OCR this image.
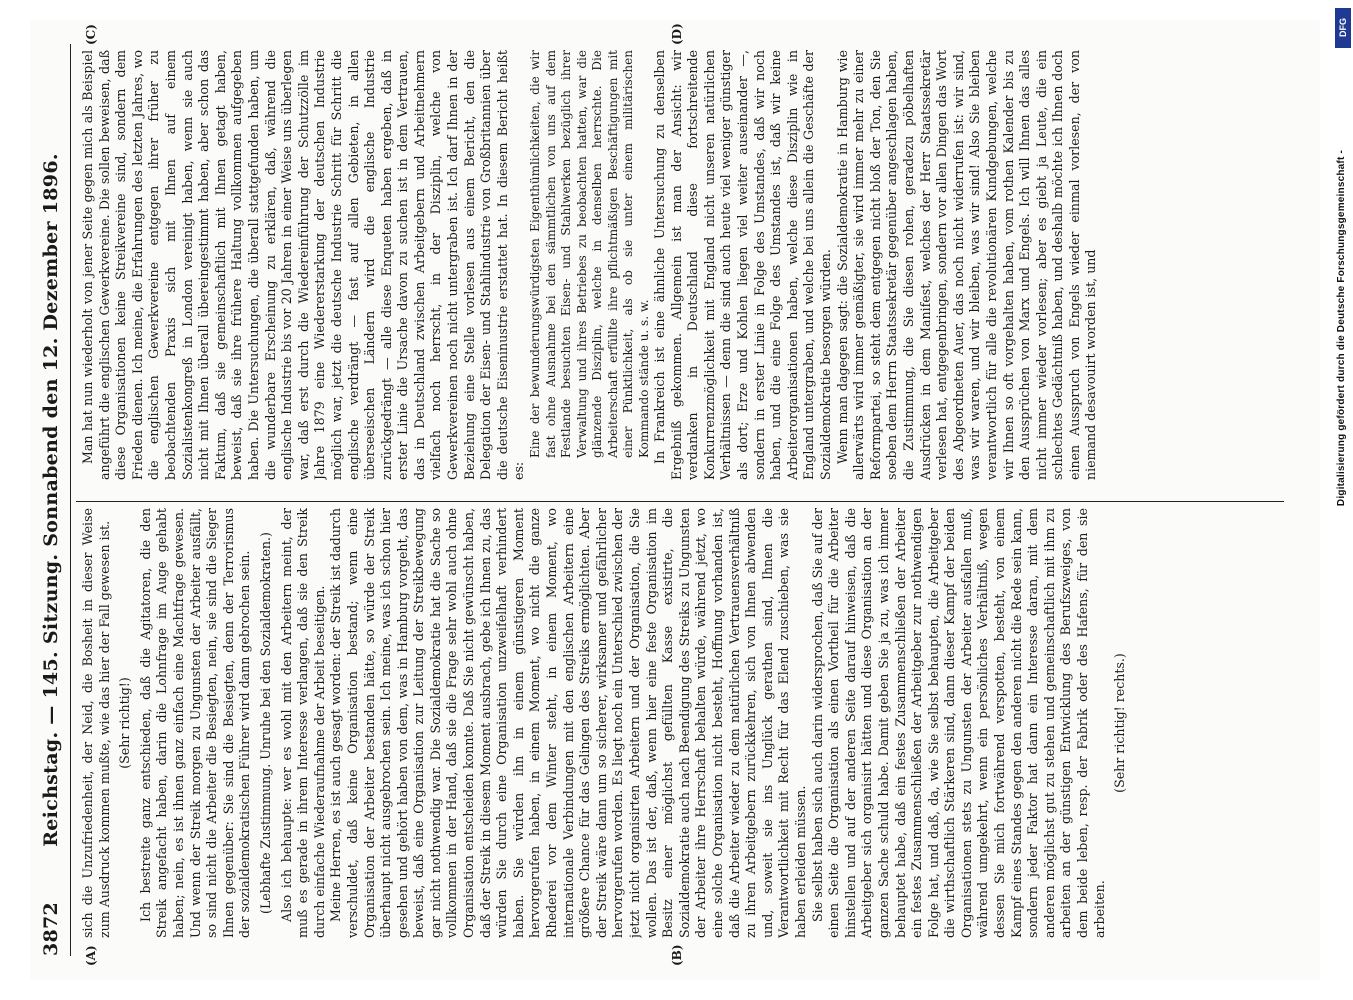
3872
Reichstag. — 145. Sitzung. Sonnabend den 12. Dezember 1896.
(A)	(B)
(C)	(D)

sich die Unzufriedenheit, der Neid, die Bosheit in dieser Weise zum Ausdruck kommen mußte, wie das hier der Fall gewesen ist. (Sehr richtig!) Ich bestreite ganz entschieden, daß die Agitatoren, die den Streik angefacht haben, darin die Lohnfrage im Auge gehabt haben; nein, es ist ihnen ganz einfach eine Machtfrage gewesen. Und wenn der Streik morgen zu Ungunsten der Arbeiter ausfällt, so sind nicht die Arbeiter die Besiegten, nein, sie sind die Sieger Ihnen gegenüber: Sie sind die Besiegten, denn der Terrorismus der sozialdemokratischen Führer wird dann gebrochen sein. (Lebhafte Zustimmung. Unruhe bei den Sozialdemokraten.) Also ich behaupte: wer es wohl mit den Arbeitern meint, der muß es gerade in ihrem Interesse verlangen, daß sie den Streik durch einfache Wiederaufnahme der Arbeit beseitigen. Meine Herren, es ist auch gesagt worden: der Streik ist dadurch verschuldet, daß keine Organisation bestand; wenn eine Organisation der Arbeiter bestanden hätte, so würde der Streik überhaupt nicht ausgebrochen sein. Ich meine, was ich schon hier gesehen und gehört haben von dem, was in Hamburg vorgeht, das beweist, daß eine Organisation zur Leitung der Streikbewegung gar nicht nothwendig war. Die Sozialdemokratie hat die Sache so vollkommen in der Hand, daß sie die Frage sehr wohl auch ohne Organisation entscheiden konnte. Daß Sie nicht gewünscht haben, daß der Streik in diesem Moment ausbrach, gebe ich Ihnen zu, das würden Sie durch eine Organisation unzweifelhaft verhindert haben. Sie würden ihn in einem günstigeren Moment hervorgerufen haben, in einem Moment, wo nicht die ganze Rhederei vor dem Winter steht, in einem Moment, wo internationale Verbindungen mit den englischen Arbeitern eine größere Chance für das Gelingen des Streiks ermöglichten. Aber der Streik wäre dann um so sicherer, wirksamer und gefährlicher hervorgerufen worden. Es liegt noch ein Unterschied zwischen der jetzt nicht organisirten Arbeitern und der Organisation, die Sie wollen. Das ist der, daß, wenn hier eine feste Organisation im Besitz einer möglichst gefüllten Kasse existirte, die Sozialdemokratie auch nach Beendigung des Streiks zu Ungunsten der Arbeiter ihre Herrschaft behalten würde, während jetzt, wo eine solche Organisation nicht besteht, Hoffnung vorhanden ist, daß die Arbeiter wieder zu dem natürlichen Vertrauensverhältniß zu ihren Arbeitgebern zurückkehren, sich von Ihnen abwenden und, soweit sie ins Unglück gerathen sind, Ihnen die Verantwortlichkeit mit Recht für das Elend zuschieben, was sie haben erleiden müssen. Sie selbst haben sich auch darin widersprochen, daß Sie auf der einen Seite die Organisation als einen Vortheil für die Arbeiter hinstellen und auf der anderen Seite darauf hinweisen, daß die Arbeitgeber sich organisirt hätten und diese Organisation an der ganzen Sache schuld habe. Damit geben Sie ja zu, was ich immer behauptet habe, daß ein festes Zusammenschließen der Arbeiter ein festes Zusammenschließen der Arbeitgeber zur nothwendigen Folge hat, und daß, da, wie Sie selbst behaupten, die Arbeitgeber die wirthschaftlich Stärkeren sind, dann dieser Kampf der beiden Organisationen stets zu Ungunsten der Arbeiter ausfallen muß, während umgekehrt, wenn ein persönliches Verhältniß, wegen dessen Sie mich fortwährend verspotten, besteht, von einem Kampf eines Standes gegen den anderen nicht die Rede sein kann, sondern jeder Faktor hat dann ein Interesse daran, mit dem anderen möglichst gut zu stehen und gemeinschaftlich mit ihm zu arbeiten an der günstigen Entwicklung des Berufszweiges, von dem beide leben, resp. der Fabrik oder des Hafens, für den sie arbeiten.

(Sehr richtig! rechts.)

Man hat nun wiederholt von jener Seite gegen mich als Beispiel angeführt die englischen Gewerkvereine. Die sollen beweisen, daß diese Organisationen keine Streikvereine sind, sondern dem Frieden dienen. Ich meine, die Erfahrungen des letzten Jahres, wo die englischen Gewerkvereine entgegen ihrer früher zu beobachtenden Praxis sich mit Ihnen auf einem Sozialistenkongreß in London vereinigt haben, wenn sie auch nicht mit Ihnen überall übereingestimmt haben, aber schon das Faktum, daß sie gemeinschaftlich mit Ihnen getagt haben, beweist, daß sie ihre frühere Haltung vollkommen aufgegeben haben. Die Untersuchungen, die überall stattgefunden haben, um die wunderbare Erscheinung zu erklären, daß, während die englische Industrie bis vor 20 Jahren in einer Weise uns überlegen war, daß erst durch die Wiedereinführung der Schutzzölle im Jahre 1879 eine Wiedererstarkung der deutschen Industrie möglich war, jetzt die deutsche Industrie Schritt für Schritt die englische verdrängt — fast auf allen Gebieten, in allen überseeischen Ländern wird die englische Industrie zurückgedrängt — alle diese Enqueten haben ergeben, daß in erster Linie die Ursache davon zu suchen ist in dem Vertrauen, das in Deutschland zwischen Arbeitgebern und Arbeitnehmern vielfach noch herrscht, in der Disziplin, welche von Gewerkvereinen noch nicht untergraben ist. Ich darf Ihnen in der Beziehung eine Stelle vorlesen aus einem Bericht, den die Delegation der Eisen- und Stahlindustrie von Großbritannien über die deutsche Eiseninustrie erstattet hat. In diesem Bericht heißt es:

Eine der bewunderungswürdigsten Eigenthümlichkeiten, die wir fast ohne Ausnahme bei den sämmtlichen von uns auf dem Festlande besuchten Eisen- und Stahlwerken bezüglich ihrer Verwaltung und ihres Betriebes zu beobachten hatten, war die glänzende Disziplin, welche in denselben herrschte. Die Arbeiterschaft erfüllte ihre pflichtmäßigen Beschäftigungen mit einer Pünktlichkeit, als ob sie unter einem militärischen Kommando stände u. s. w. In Frankreich ist eine ähnliche Untersuchung zu denselben Ergebniß gekommen. Allgemein ist man der Ansicht: wir verdanken in Deutschland diese fortschreitende Konkurrenzmöglichkeit mit England nicht unseren natürlichen Verhältnissen — denn die sind auch heute viel weniger günstiger als dort; Erze und Kohlen liegen viel weiter auseinander —, sondern in erster Linie in Folge des Umstandes, daß wir noch haben, und die eine Folge des Umstandes ist, daß wir keine Arbeiterorganisationen haben, welche diese Disziplin wie in England untergraben, und welche bei uns allein die Geschäfte der Sozialdemokratie besorgen würden. Wenn man dagegen sagt: die Sozialdemokratie in Hamburg wie allerwärts wird immer gemäßigter, sie wird immer mehr zu einer Reformpartei, so steht dem entgegen nicht bloß der Ton, den Sie soeben dem Herrn Staatssekretär gegenüber angeschlagen haben, die Zustimmung, die Sie diesen rohen, geradezu pöbelhaften Ausdrücken in dem Manifest, welches der Herr Staatssekretär verlesen hat, entgegenbringen, sondern vor allen Dingen das Wort des Abgeordneten Auer, das noch nicht widerrufen ist: wir sind, was wir waren, und wir bleiben, was wir sind! Also Sie bleiben verantwortlich für alle die revolutionären Kundgebungen, welche wir Ihnen so oft vorgehalten haben, vom rothen Kalender bis zu den Aussprüchen von Marx und Engels. Ich will Ihnen das alles nicht immer wieder vorlesen; aber es giebt ja Leute, die ein schlechtes Gedächtniß haben, und deshalb möchte ich Ihnen doch einen Ausspruch von Engels wieder einmal vorlesen, der von niemand desavouirt worden ist, und	Digitalisierung gefördert durch die Deutsche Forschungsgemeinschaft -
DFG
